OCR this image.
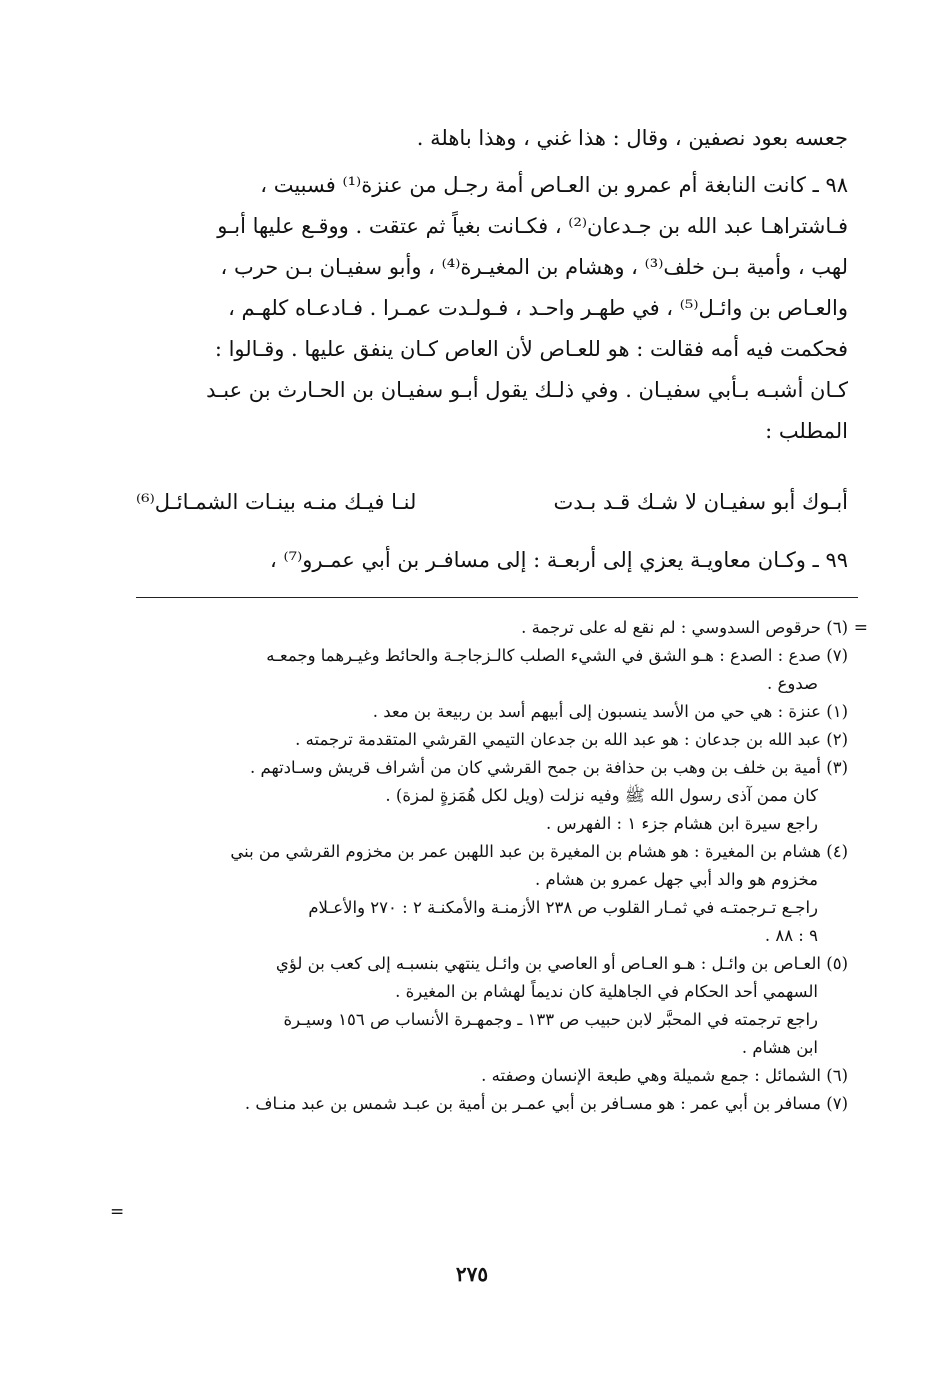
جعسه بعود نصفين ، وقال : هذا غني ، وهذا باهلة .

٩٨ ـ كانت النابغة أم عمرو بن العـاص أمة رجـل من عنزة⁽¹⁾ فسبيت ،

فـاشتراهـا عبد الله بن جـدعان⁽²⁾ ، فكـانت بغياً ثم عتقت . ووقـع عليها أبـو

لهب ، وأمية بـن خلف⁽³⁾ ، وهشام بن المغيـرة⁽⁴⁾ ، وأبو سفيـان بـن حرب ،

والعـاص بن وائـل⁽⁵⁾ ، في طهـر واحـد ، فـولـدت عمـرا . فـادعـاه كلهـم ،

فحكمت فيه أمه فقالت : هو للعـاص لأن العاص كـان ينفق عليها . وقـالوا :

كـان أشبـه بـأبي سفيـان . وفي ذلـك يقول أبـو سفيـان بن الحـارث بن عبـد

المطلب :

أبـوك أبو سفيـان لا شـك قـد بـدت
لنـا فيـك منـه بينـات الشمـائـل⁽⁶⁾

٩٩ ـ وكـان معاويـة يعزي إلى أربعـة : إلى مسافـر بن أبي عمـرو⁽⁷⁾ ،

=

(٦) حرقوص السدوسي : لم نقع له على ترجمة .

(٧) صدع : الصدع : هـو الشق في الشيء الصلب كالـزجاجـة والحائط وغيـرهما وجمعـه

صدوع .

(١) عنزة : هي حي من الأسد ينسبون إلى أبيهم أسد بن ربيعة بن معد .

(٢) عبد الله بن جدعان : هو عبد الله بن جدعان التيمي القرشي المتقدمة ترجمته .

(٣) أمية بن خلف بن وهب بن حذافة بن جمح القرشي كان من أشراف قريش وسـادتهم .

كان ممن آذى رسول الله ﷺ وفيه نزلت (ويل لكل هُمَزةٍ لمزة) .

راجع سيرة ابن هشام جزء ١ : الفهرس .

(٤) هشام بن المغيرة : هو هشام بن المغيرة بن عبد اللهبن عمر بن مخزوم القرشي من بني

مخزوم هو والد أبي جهل عمرو بن هشام .

راجـع تـرجمتـه في ثمـار القلوب ص ٢٣٨ الأزمنـة والأمكنـة ٢ : ٢٧٠ والأعـلام

٩ : ٨٨ .

(٥) العـاص بن وائـل : هـو العـاص أو العاصي بن وائـل ينتهي بنسبـه إلى كعب بن لؤي

السهمي أحد الحكام في الجاهلية كان نديماً لهشام بن المغيرة .

راجع ترجمته في المحبَّر لابن حبيب ص ١٣٣ ـ وجمهـرة الأنساب ص ١٥٦ وسيـرة

ابن هشام .

(٦) الشمائل : جمع شميلة وهي طبعة الإنسان وصفته .

(٧) مسافر بن أبي عمر : هو مسـافر بن أبي عمـر بن أمية بن عبـد شمس بن عبد منـاف .

=
٢٧٥
